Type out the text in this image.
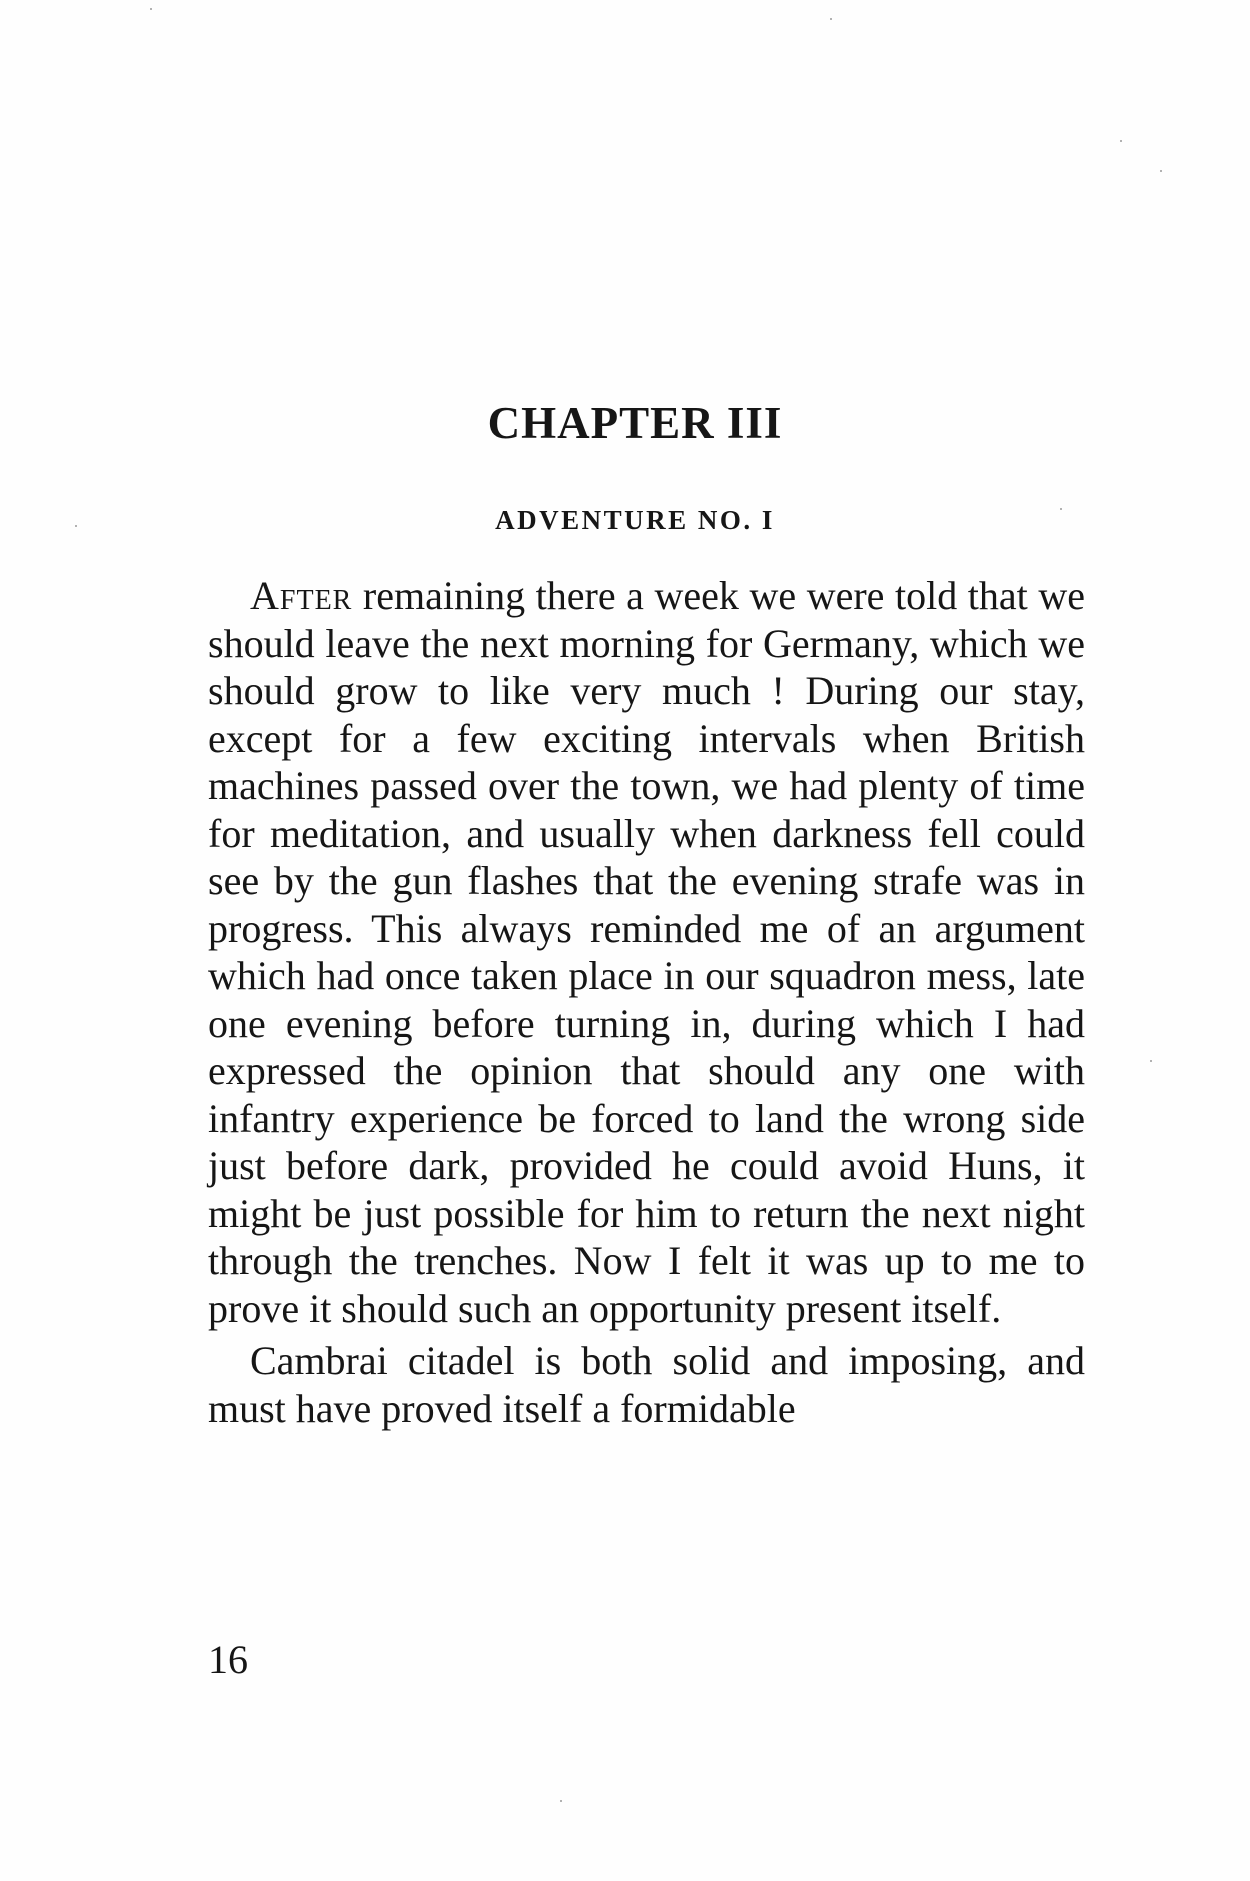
CHAPTER III
ADVENTURE NO. I

After remaining there a week we were told that we should leave the next morning for Germany, which we should grow to like very much ! During our stay, except for a few exciting intervals when British machines passed over the town, we had plenty of time for meditation, and usually when darkness fell could see by the gun flashes that the evening strafe was in progress. This always reminded me of an argument which had once taken place in our squadron mess, late one evening before turning in, during which I had expressed the opinion that should any one with infantry experience be forced to land the wrong side just before dark, provided he could avoid Huns, it might be just possible for him to return the next night through the trenches. Now I felt it was up to me to prove it should such an opportunity present itself.

Cambrai citadel is both solid and imposing, and must have proved itself a formidable

16
